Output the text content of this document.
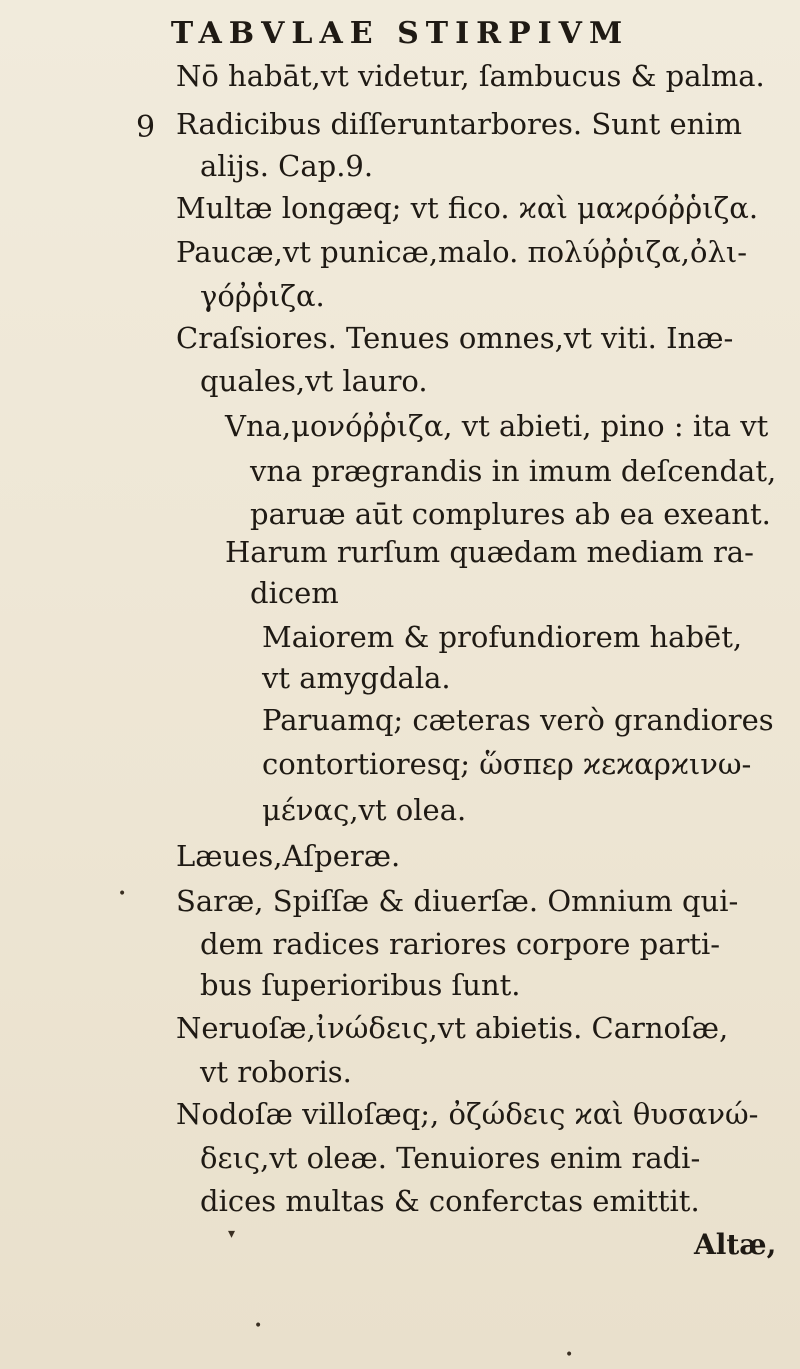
TABVLAE STIRPIVM
9
Nō habāt,vt videtur, ſambucus & palma.
Radicibus diſſeruntarbores. Sunt enim
alijs. Cap.9.
Multæ longæq; vt fico. ϰαὶ μαϰρόῤῥιζα.
Paucæ,vt punicæ,malo. πολύῤῥιζα,ὀλι-
γόῤῥιζα.
Craſsiores. Tenues omnes,vt viti. Inæ-
quales,vt lauro.
Vna,μονόῤῥιζα, vt abieti, pino : ita vt
vna prægrandis in imum deſcendat,
paruæ aūt complures ab ea exeant.
Harum rurſum quædam mediam ra-
dicem
Maiorem & profundiorem habēt,
vt amygdala.
Paruamq; cæteras verò grandiores
contortioresq; ὥσπερ ϰεϰαρϰινω-
μένας,vt olea.
Læues,Aſperæ.
Saræ, Spiſſæ & diuerſæ. Omnium qui-
dem radices rariores corpore parti-
bus ſuperioribus ſunt.
Neruoſæ,ἰνώδεις,vt abietis. Carnoſæ,
vt roboris.
Nodoſæ villoſæq;, ὀζώδεις ϰαὶ θυσανώ-
δεις,vt oleæ. Tenuiores enim radi-
dices multas & conferctas emittit.
Altæ,
▾
•
•
•
